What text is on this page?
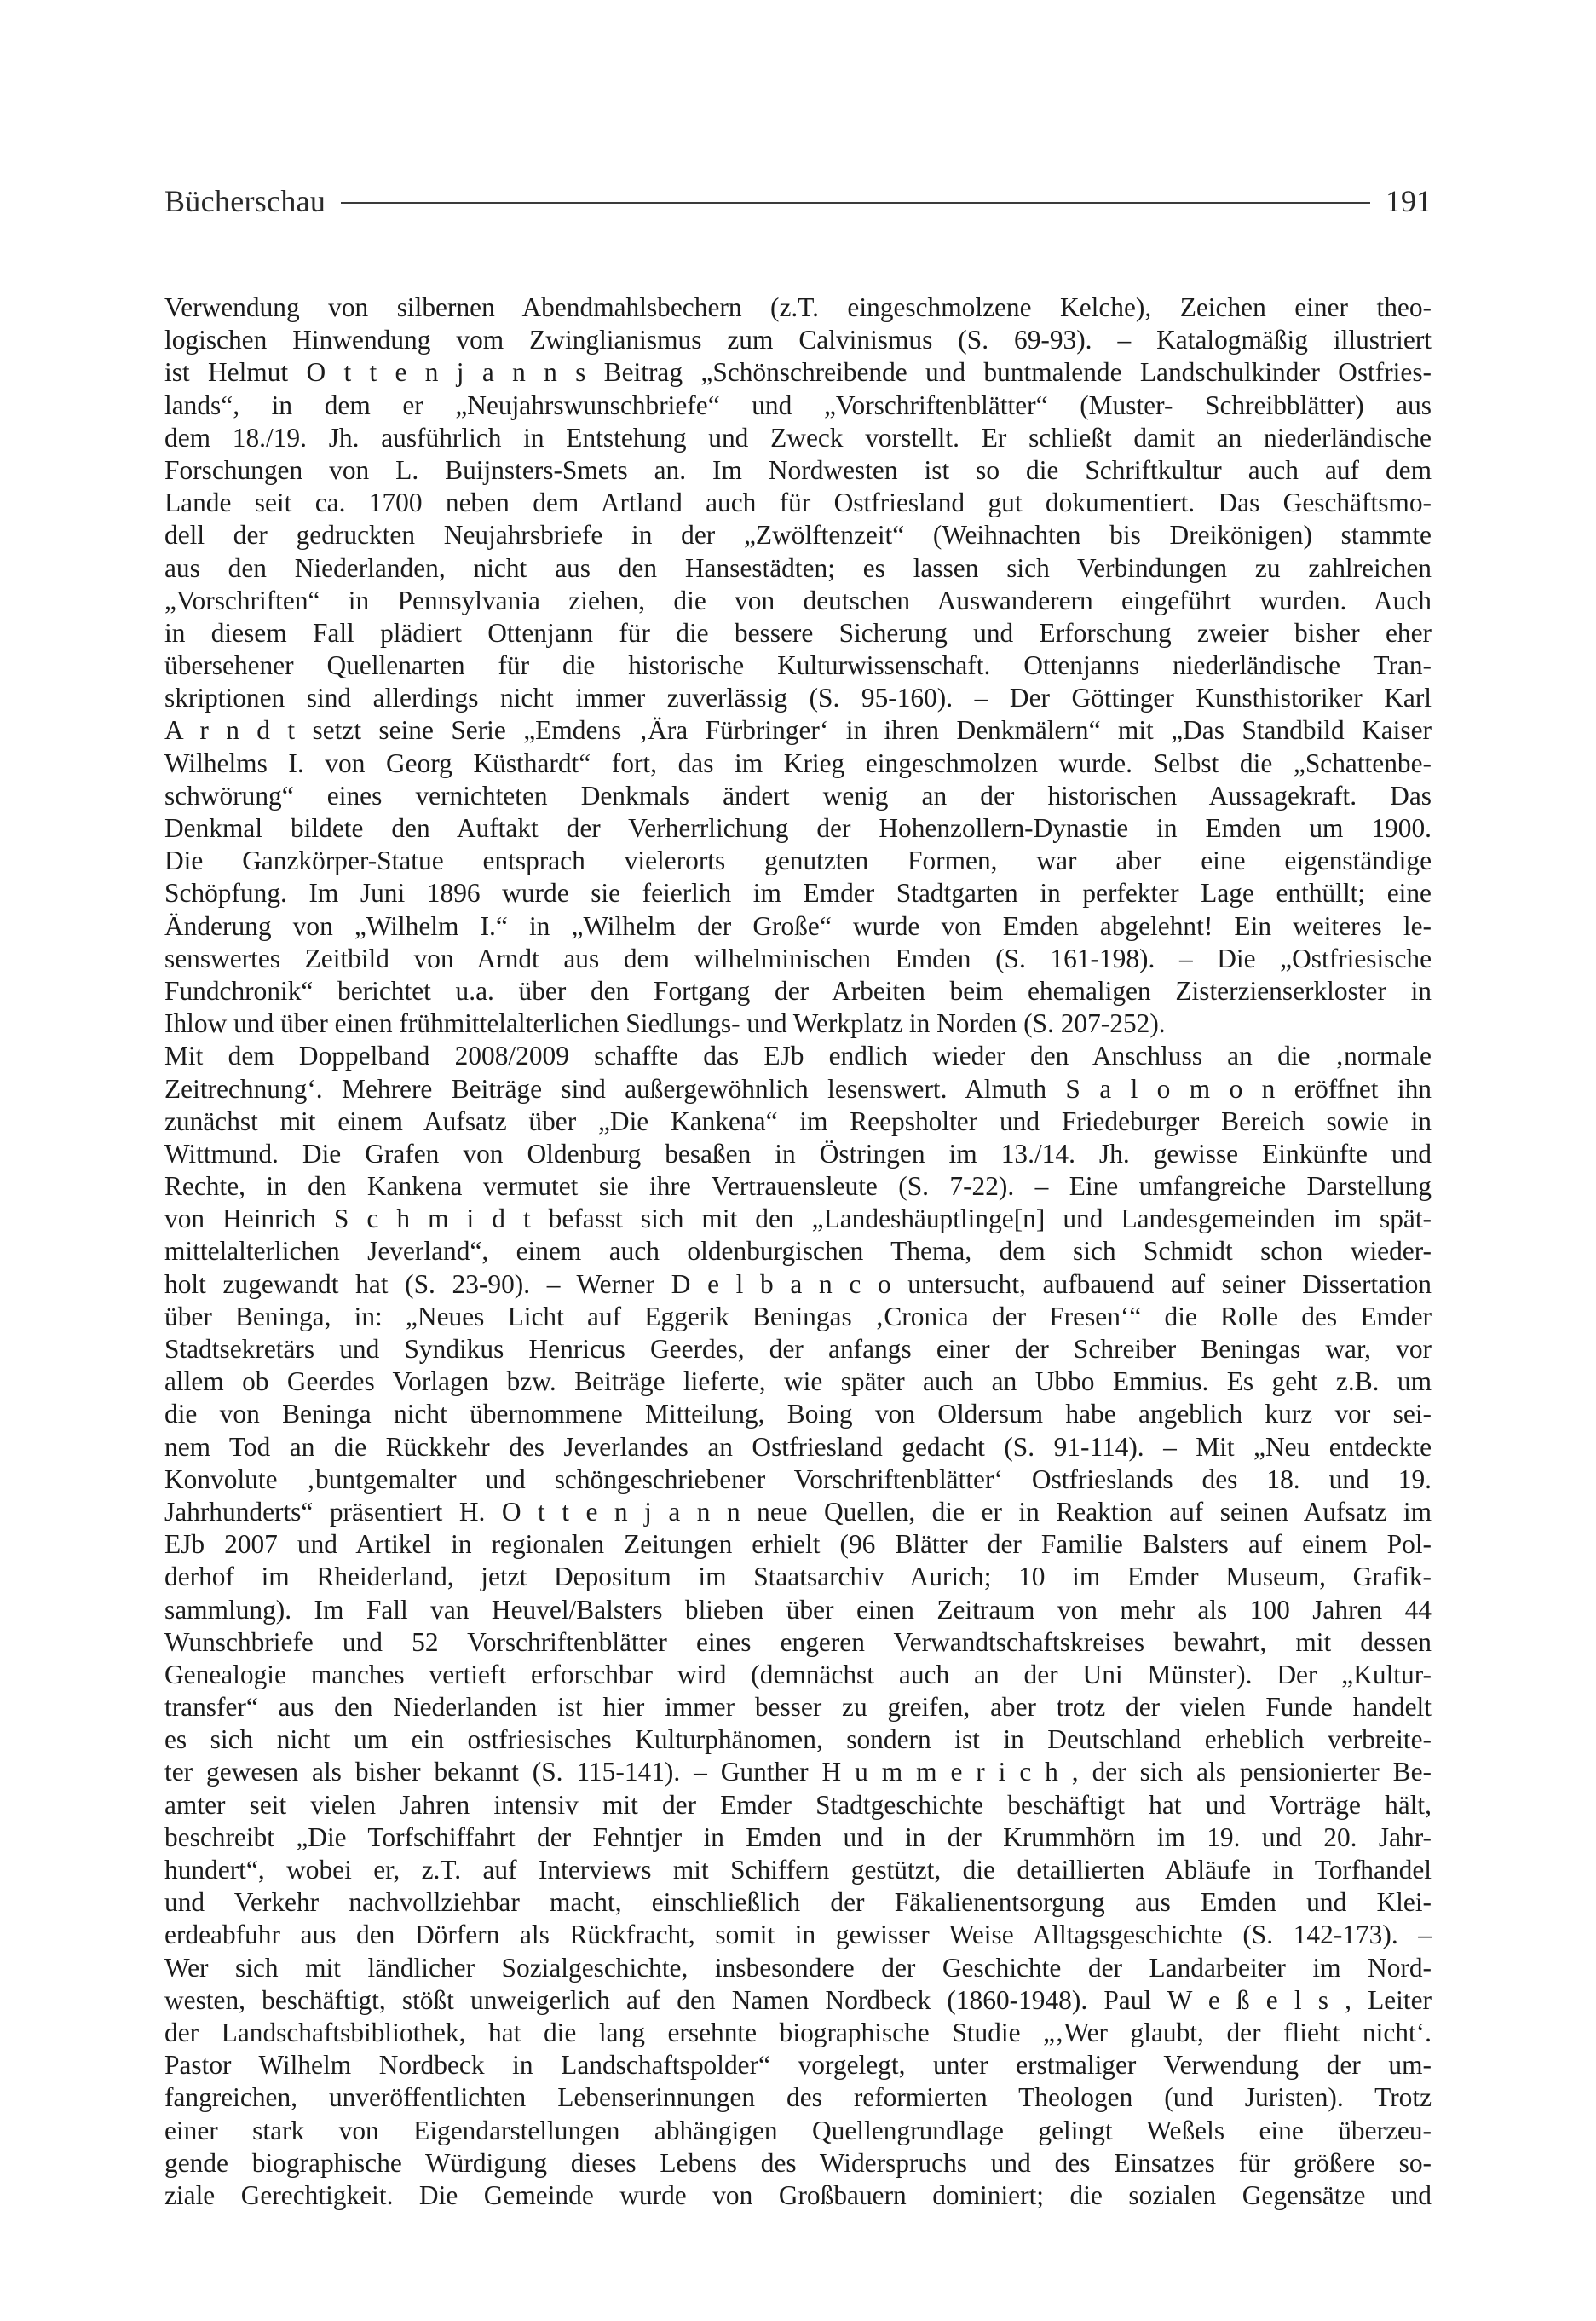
Bücherschau	191
Verwendung von silbernen Abendmahlsbechern (z.T. eingeschmolzene Kelche), Zeichen einer theo-
logischen Hinwendung vom Zwinglianismus zum Calvinismus (S. 69-93). – Katalogmäßig illustriert
ist Helmut O t t e n j a n n s Beitrag „Schönschreibende und buntmalende Landschulkinder Ostfries-
lands“, in dem er „Neujahrswunschbriefe“ und „Vorschriftenblätter“ (Muster- Schreibblätter) aus
dem 18./19. Jh. ausführlich in Entstehung und Zweck vorstellt. Er schließt damit an niederländische
Forschungen von L. Buijnsters-Smets an. Im Nordwesten ist so die Schriftkultur auch auf dem
Lande seit ca. 1700 neben dem Artland auch für Ostfriesland gut dokumentiert. Das Geschäftsmo-
dell der gedruckten Neujahrsbriefe in der „Zwölftenzeit“ (Weihnachten bis Dreikönigen) stammte
aus den Niederlanden, nicht aus den Hansestädten; es lassen sich Verbindungen zu zahlreichen
„Vorschriften“ in Pennsylvania ziehen, die von deutschen Auswanderern eingeführt wurden. Auch
in diesem Fall plädiert Ottenjann für die bessere Sicherung und Erforschung zweier bisher eher
übersehener Quellenarten für die historische Kulturwissenschaft. Ottenjanns niederländische Tran-
skriptionen sind allerdings nicht immer zuverlässig (S. 95-160). – Der Göttinger Kunsthistoriker Karl
A r n d t setzt seine Serie „Emdens ‚Ära Fürbringer‘ in ihren Denkmälern“ mit „Das Standbild Kaiser
Wilhelms I. von Georg Küsthardt“ fort, das im Krieg eingeschmolzen wurde. Selbst die „Schattenbe-
schwörung“ eines vernichteten Denkmals ändert wenig an der historischen Aussagekraft. Das
Denkmal bildete den Auftakt der Verherrlichung der Hohenzollern-Dynastie in Emden um 1900.
Die Ganzkörper-Statue entsprach vielerorts genutzten Formen, war aber eine eigenständige
Schöpfung. Im Juni 1896 wurde sie feierlich im Emder Stadtgarten in perfekter Lage enthüllt; eine
Änderung von „Wilhelm I.“ in „Wilhelm der Große“ wurde von Emden abgelehnt! Ein weiteres le-
senswertes Zeitbild von Arndt aus dem wilhelminischen Emden (S. 161-198). – Die „Ostfriesische
Fundchronik“ berichtet u.a. über den Fortgang der Arbeiten beim ehemaligen Zisterzienserkloster in
Ihlow und über einen frühmittelalterlichen Siedlungs- und Werkplatz in Norden (S. 207-252).
Mit dem Doppelband 2008/2009 schaffte das EJb endlich wieder den Anschluss an die ‚normale
Zeitrechnung‘. Mehrere Beiträge sind außergewöhnlich lesenswert. Almuth S a l o m o n eröffnet ihn
zunächst mit einem Aufsatz über „Die Kankena“ im Reepsholter und Friedeburger Bereich sowie in
Wittmund. Die Grafen von Oldenburg besaßen in Östringen im 13./14. Jh. gewisse Einkünfte und
Rechte, in den Kankena vermutet sie ihre Vertrauensleute (S. 7-22). – Eine umfangreiche Darstellung
von Heinrich S c h m i d t befasst sich mit den „Landeshäuptlinge[n] und Landesgemeinden im spät-
mittelalterlichen Jeverland“, einem auch oldenburgischen Thema, dem sich Schmidt schon wieder-
holt zugewandt hat (S. 23-90). – Werner D e l b a n c o untersucht, aufbauend auf seiner Dissertation
über Beninga, in: „Neues Licht auf Eggerik Beningas ‚Cronica der Fresen‘“ die Rolle des Emder
Stadtsekretärs und Syndikus Henricus Geerdes, der anfangs einer der Schreiber Beningas war, vor
allem ob Geerdes Vorlagen bzw. Beiträge lieferte, wie später auch an Ubbo Emmius. Es geht z.B. um
die von Beninga nicht übernommene Mitteilung, Boing von Oldersum habe angeblich kurz vor sei-
nem Tod an die Rückkehr des Jeverlandes an Ostfriesland gedacht (S. 91-114). – Mit „Neu entdeckte
Konvolute ‚buntgemalter und schöngeschriebener Vorschriftenblätter‘ Ostfrieslands des 18. und 19.
Jahrhunderts“ präsentiert H. O t t e n j a n n neue Quellen, die er in Reaktion auf seinen Aufsatz im
EJb 2007 und Artikel in regionalen Zeitungen erhielt (96 Blätter der Familie Balsters auf einem Pol-
derhof im Rheiderland, jetzt Depositum im Staatsarchiv Aurich; 10 im Emder Museum, Grafik-
sammlung). Im Fall van Heuvel/Balsters blieben über einen Zeitraum von mehr als 100 Jahren 44
Wunschbriefe und 52 Vorschriftenblätter eines engeren Verwandtschaftskreises bewahrt, mit dessen
Genealogie manches vertieft erforschbar wird (demnächst auch an der Uni Münster). Der „Kultur-
transfer“ aus den Niederlanden ist hier immer besser zu greifen, aber trotz der vielen Funde handelt
es sich nicht um ein ostfriesisches Kulturphänomen, sondern ist in Deutschland erheblich verbreite-
ter gewesen als bisher bekannt (S. 115-141). – Gunther H u m m e r i c h , der sich als pensionierter Be-
amter seit vielen Jahren intensiv mit der Emder Stadtgeschichte beschäftigt hat und Vorträge hält,
beschreibt „Die Torfschiffahrt der Fehntjer in Emden und in der Krummhörn im 19. und 20. Jahr-
hundert“, wobei er, z.T. auf Interviews mit Schiffern gestützt, die detaillierten Abläufe in Torfhandel
und Verkehr nachvollziehbar macht, einschließlich der Fäkalienentsorgung aus Emden und Klei-
erdeabfuhr aus den Dörfern als Rückfracht, somit in gewisser Weise Alltagsgeschichte (S. 142-173). –
Wer sich mit ländlicher Sozialgeschichte, insbesondere der Geschichte der Landarbeiter im Nord-
westen, beschäftigt, stößt unweigerlich auf den Namen Nordbeck (1860-1948). Paul W e ß e l s , Leiter
der Landschaftsbibliothek, hat die lang ersehnte biographische Studie „‚Wer glaubt, der flieht nicht‘.
Pastor Wilhelm Nordbeck in Landschaftspolder“ vorgelegt, unter erstmaliger Verwendung der um-
fangreichen, unveröffentlichten Lebenserinnungen des reformierten Theologen (und Juristen). Trotz
einer stark von Eigendarstellungen abhängigen Quellengrundlage gelingt Weßels eine überzeu-
gende biographische Würdigung dieses Lebens des Widerspruchs und des Einsatzes für größere so-
ziale Gerechtigkeit. Die Gemeinde wurde von Großbauern dominiert; die sozialen Gegensätze und
